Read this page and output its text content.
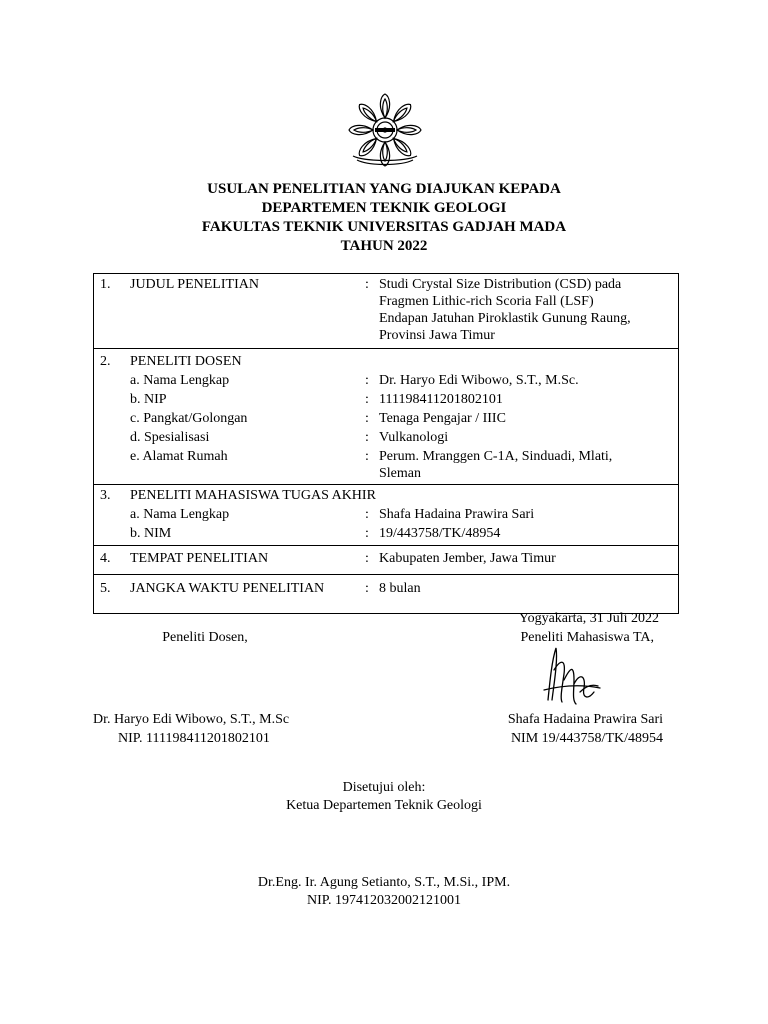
USULAN PENELITIAN YANG DIAJUKAN KEPADA
DEPARTEMEN TEKNIK GEOLOGI
FAKULTAS TEKNIK UNIVERSITAS GADJAH MADA
TAHUN 2022
1.	JUDUL PENELITIAN	: Studi Crystal Size Distribution (CSD) pada
Fragmen Lithic-rich Scoria Fall (LSF)
Endapan Jatuhan Piroklastik Gunung Raung,
Provinsi Jawa Timur

2.	PENELITI DOSEN
a. Nama Lengkap	: Dr. Haryo Edi Wibowo, S.T., M.Sc.
b. NIP	: 111198411201802101
c. Pangkat/Golongan	: Tenaga Pengajar / IIIC
d. Spesialisasi	: Vulkanologi
e. Alamat Rumah	: Perum. Mranggen C-1A, Sinduadi, Mlati,
Sleman

3.	PENELITI MAHASISWA TUGAS AKHIR
a. Nama Lengkap	: Shafa Hadaina Prawira Sari
b. NIM	: 19/443758/TK/48954

4.	TEMPAT PENELITIAN	: Kabupaten Jember, Jawa Timur

5.	JANGKA WAKTU PENELITIAN	: 8 bulan
Yogyakarta, 31 Juli 2022
Peneliti Dosen,	Peneliti Mahasiswa TA,
Dr. Haryo Edi Wibowo, S.T., M.Sc
NIP. 111198411201802101
Shafa Hadaina Prawira Sari
NIM 19/443758/TK/48954
Disetujui oleh:
Ketua Departemen Teknik Geologi
Dr.Eng. Ir. Agung Setianto, S.T., M.Si., IPM.
NIP. 197412032002121001
